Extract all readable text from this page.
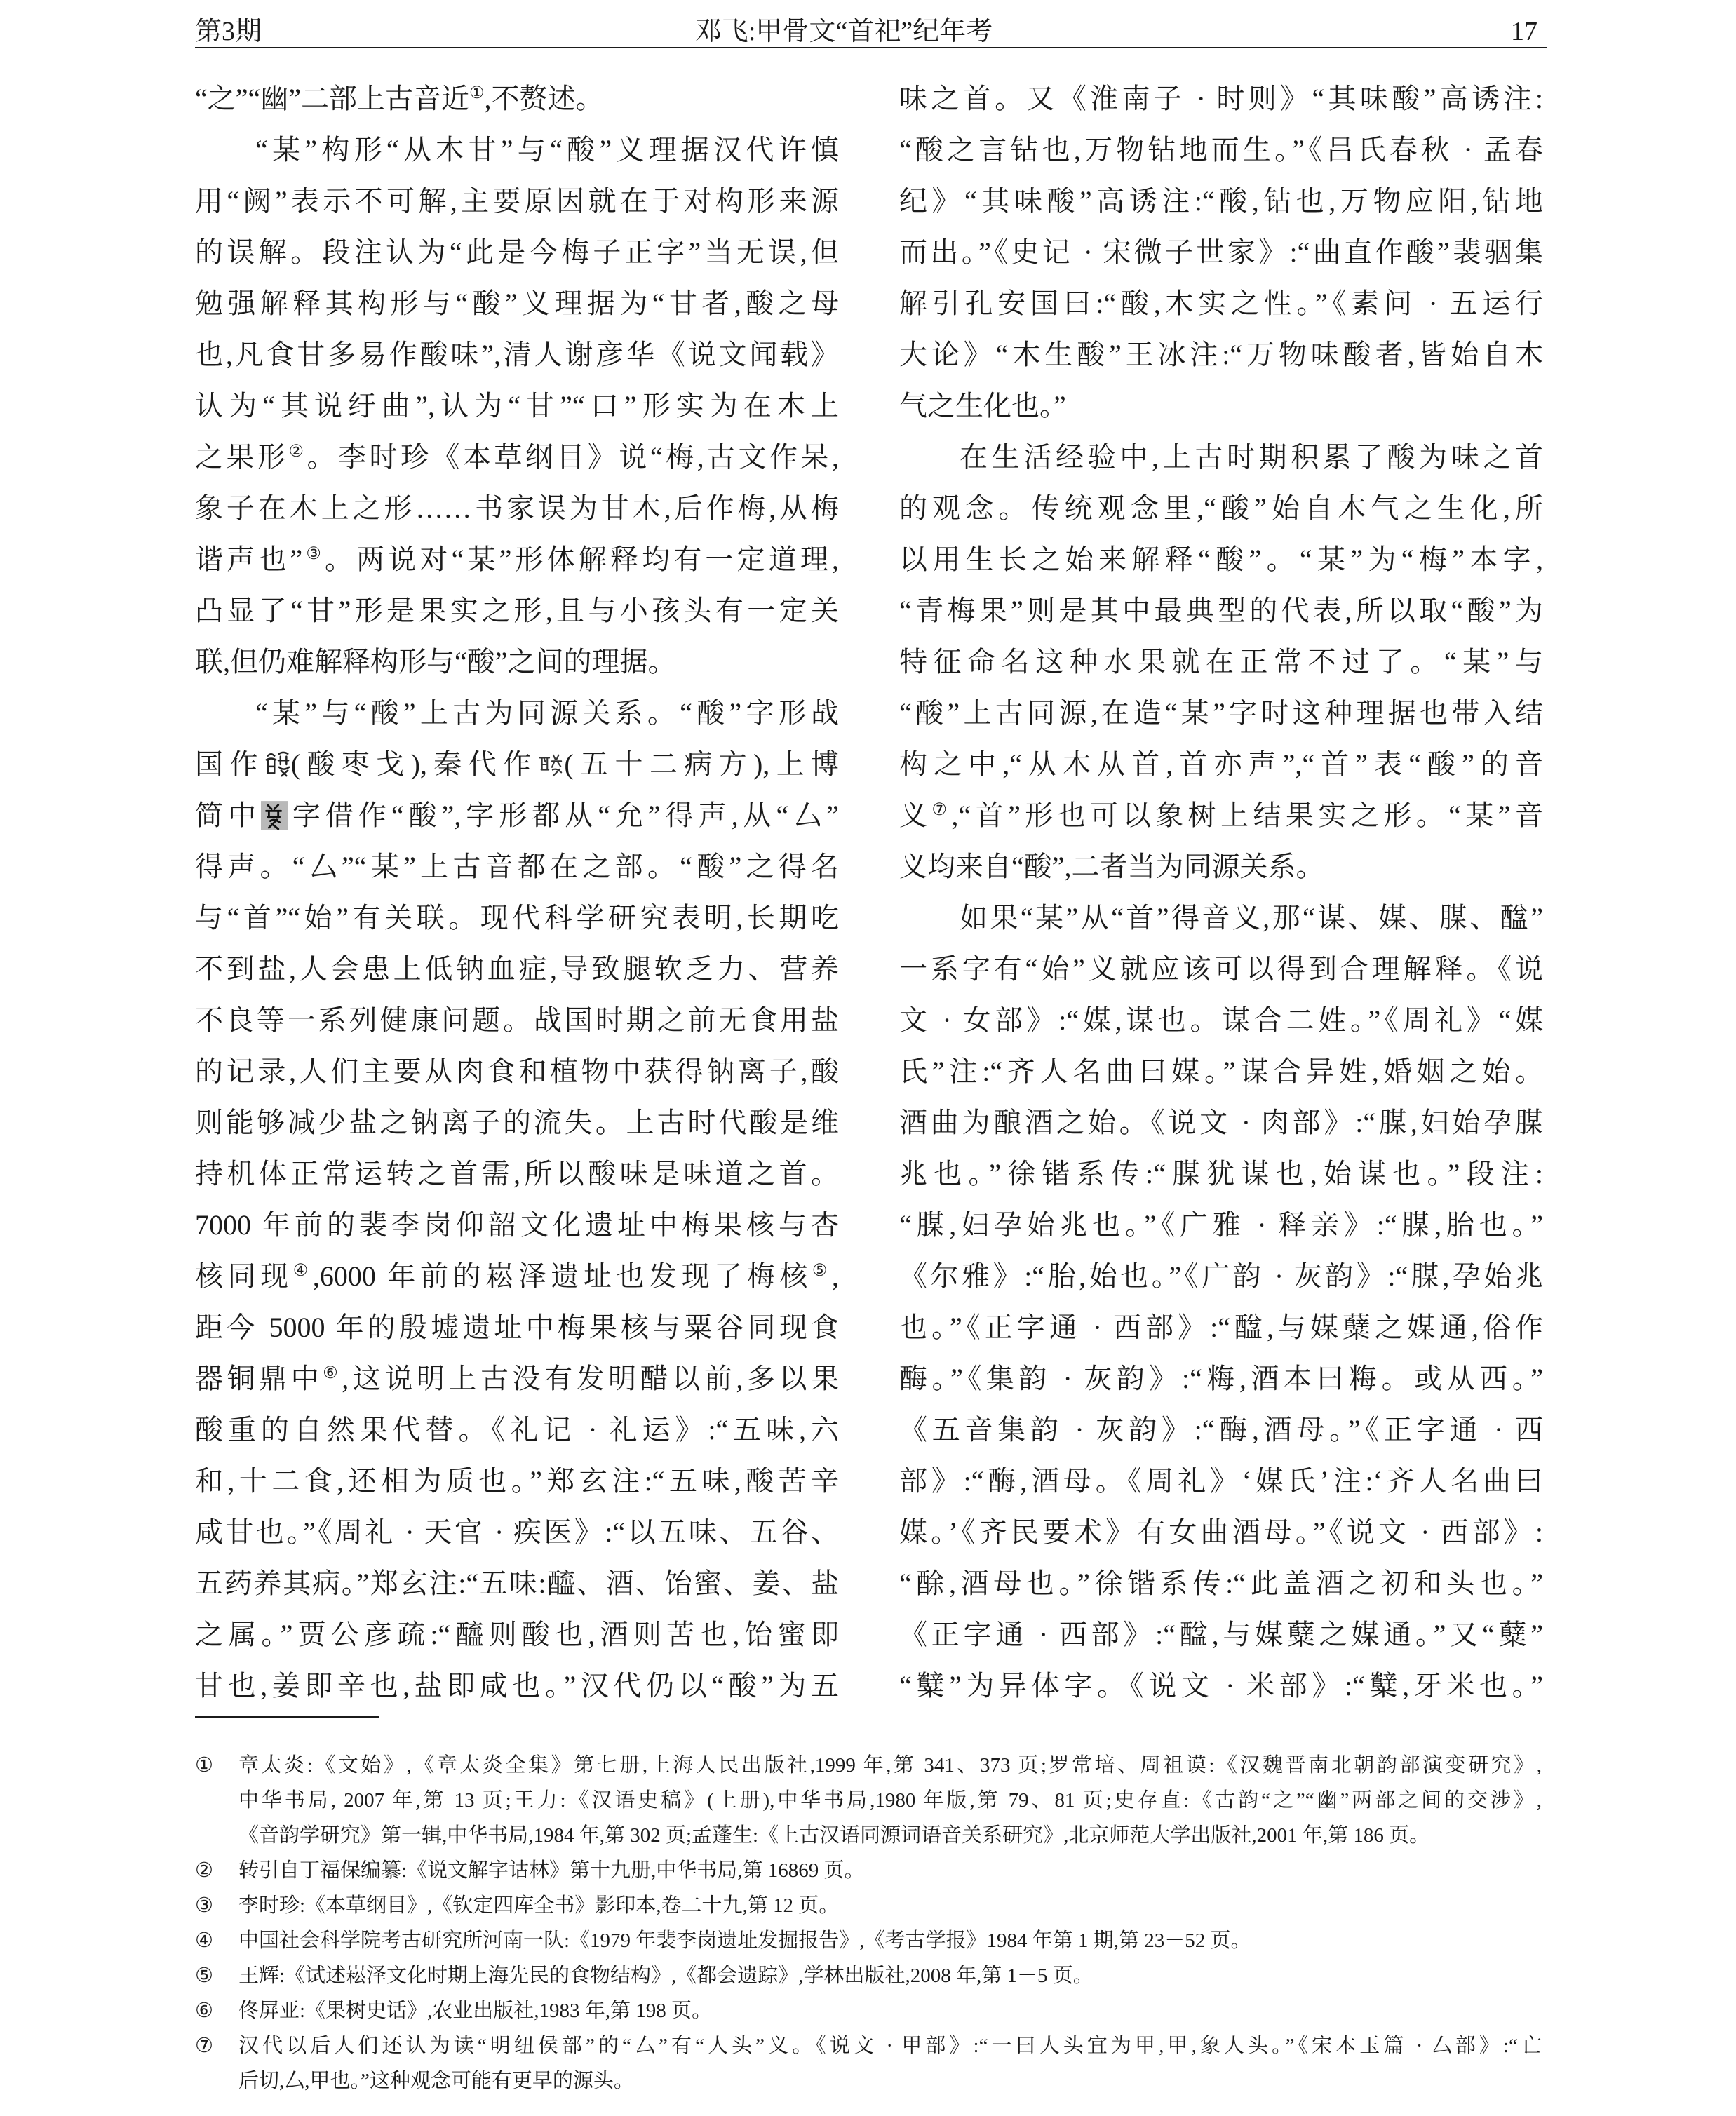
第3期	邓飞:甲骨文“首祀”纪年考	17
“之”“幽”二部上古音近①,不赘述。
“某”构形“从木甘”与“酸”义理据汉代许慎
用“阙”表示不可解,主要原因就在于对构形来源
的误解。段注认为“此是今梅子正字”当无误,但
勉强解释其构形与“酸”义理据为“甘者,酸之母
也,凡食甘多易作酸味”,清人谢彦华《说文闻载》
认为“其说纡曲”,认为“甘”“口”形实为在木上
之果形②。李时珍《本草纲目》说“梅,古文作呆,
象子在木上之形……书家误为甘木,后作梅,从梅
谐声也”③。两说对“某”形体解释均有一定道理,
凸显了“甘”形是果实之形,且与小孩头有一定关
联,但仍难解释构形与“酸”之间的理据。
“某”与“酸”上古为同源关系。“酸”字形战
国作 (酸枣戈),秦代作 (五十二病方),上博
简中 字借作“酸”,字形都从“允”得声,从“厶”
得声。“厶”“某”上古音都在之部。“酸”之得名
与“首”“始”有关联。现代科学研究表明,长期吃
不到盐,人会患上低钠血症,导致腿软乏力、营养
不良等一系列健康问题。战国时期之前无食用盐
的记录,人们主要从肉食和植物中获得钠离子,酸
则能够减少盐之钠离子的流失。上古时代酸是维
持机体正常运转之首需,所以酸味是味道之首。
7000 年前的裴李岗仰韶文化遗址中梅果核与杏
核同现④,6000 年前的崧泽遗址也发现了梅核⑤,
距今 5000 年的殷墟遗址中梅果核与粟谷同现食
器铜鼎中⑥,这说明上古没有发明醋以前,多以果
酸重的自然果代替。《礼记 · 礼运》:“五味,六
和,十二食,还相为质也。”郑玄注:“五味,酸苦辛
咸甘也。”《周礼 · 天官 · 疾医》:“以五味、五谷、
五药养其病。”郑玄注:“五味:醯、酒、饴蜜、姜、盐
之属。”贾公彦疏:“醯则酸也,酒则苦也,饴蜜即
甘也,姜即辛也,盐即咸也。”汉代仍以“酸”为五
味之首。又《淮南子 · 时则》“其味酸”高诱注:
“酸之言钻也,万物钻地而生。”《吕氏春秋 · 孟春
纪》“其味酸”高诱注:“酸,钻也,万物应阳,钻地
而出。”《史记 · 宋微子世家》:“曲直作酸”裴骃集
解引孔安国曰:“酸,木实之性。”《素问 · 五运行
大论》“木生酸”王冰注:“万物味酸者,皆始自木
气之生化也。”
在生活经验中,上古时期积累了酸为味之首
的观念。传统观念里,“酸”始自木气之生化,所
以用生长之始来解释“酸”。“某”为“梅”本字,
“青梅果”则是其中最典型的代表,所以取“酸”为
特征命名这种水果就在正常不过了。“某”与
“酸”上古同源,在造“某”字时这种理据也带入结
构之中,“从木从首,首亦声”,“首”表“酸”的音
义⑦,“首”形也可以象树上结果实之形。“某”音
义均来自“酸”,二者当为同源关系。
如果“某”从“首”得音义,那“谋、媒、腜、䤈”
一系字有“始”义就应该可以得到合理解释。《说
文 · 女部》:“媒,谋也。谋合二姓。”《周礼》“媒
氏”注:“齐人名曲曰媒。”谋合异姓,婚姻之始。
酒曲为酿酒之始。《说文 · 肉部》:“腜,妇始孕腜
兆也。”徐锴系传:“腜犹谋也,始谋也。”段注:
“腜,妇孕始兆也。”《广雅 · 释亲》:“腜,胎也。”
《尔雅》:“胎,始也。”《广韵 · 灰韵》:“腜,孕始兆
也。”《正字通 · 西部》:“䤈,与媒糵之媒通,俗作
酶。”《集韵 · 灰韵》:“䊈,酒本曰䊈。或从西。”
《五音集韵 · 灰韵》:“酶,酒母。”《正字通 · 西
部》:“酶,酒母。《周礼》‘媒氏’注:‘齐人名曲曰
媒。’《齐民要术》有女曲酒母。”《说文 · 西部》:
“酴,酒母也。”徐锴系传:“此盖酒之初和头也。”
《正字通 · 西部》:“䤈,与媒糵之媒通。”又“糵”
“糱”为异体字。《说文 · 米部》:“糱,牙米也。”
① 章太炎:《文始》,《章太炎全集》第七册,上海人民出版社,1999 年,第 341、373 页;罗常培、周祖谟:《汉魏晋南北朝韵部演变研究》,
中华书局, 2007 年,第 13 页;王力:《汉语史稿》(上册),中华书局,1980 年版,第 79、81 页;史存直:《古韵“之”“幽”两部之间的交涉》,
《音韵学研究》第一辑,中华书局,1984 年,第 302 页;孟蓬生:《上古汉语同源词语音关系研究》,北京师范大学出版社,2001 年,第 186 页。
② 转引自丁福保编纂:《说文解字诂林》第十九册,中华书局,第 16869 页。
③ 李时珍:《本草纲目》,《钦定四库全书》影印本,卷二十九,第 12 页。
④ 中国社会科学院考古研究所河南一队:《1979 年裴李岗遗址发掘报告》,《考古学报》1984 年第 1 期,第 23－52 页。
⑤ 王辉:《试述崧泽文化时期上海先民的食物结构》,《都会遗踪》,学林出版社,2008 年,第 1－5 页。
⑥ 佟屏亚:《果树史话》,农业出版社,1983 年,第 198 页。
⑦ 汉代以后人们还认为读“明纽侯部”的“厶”有“人头”义。《说文 · 甲部》:“一曰人头宜为甲,甲,象人头。”《宋本玉篇 · 厶部》:“亡
后切,厶,甲也。”这种观念可能有更早的源头。
